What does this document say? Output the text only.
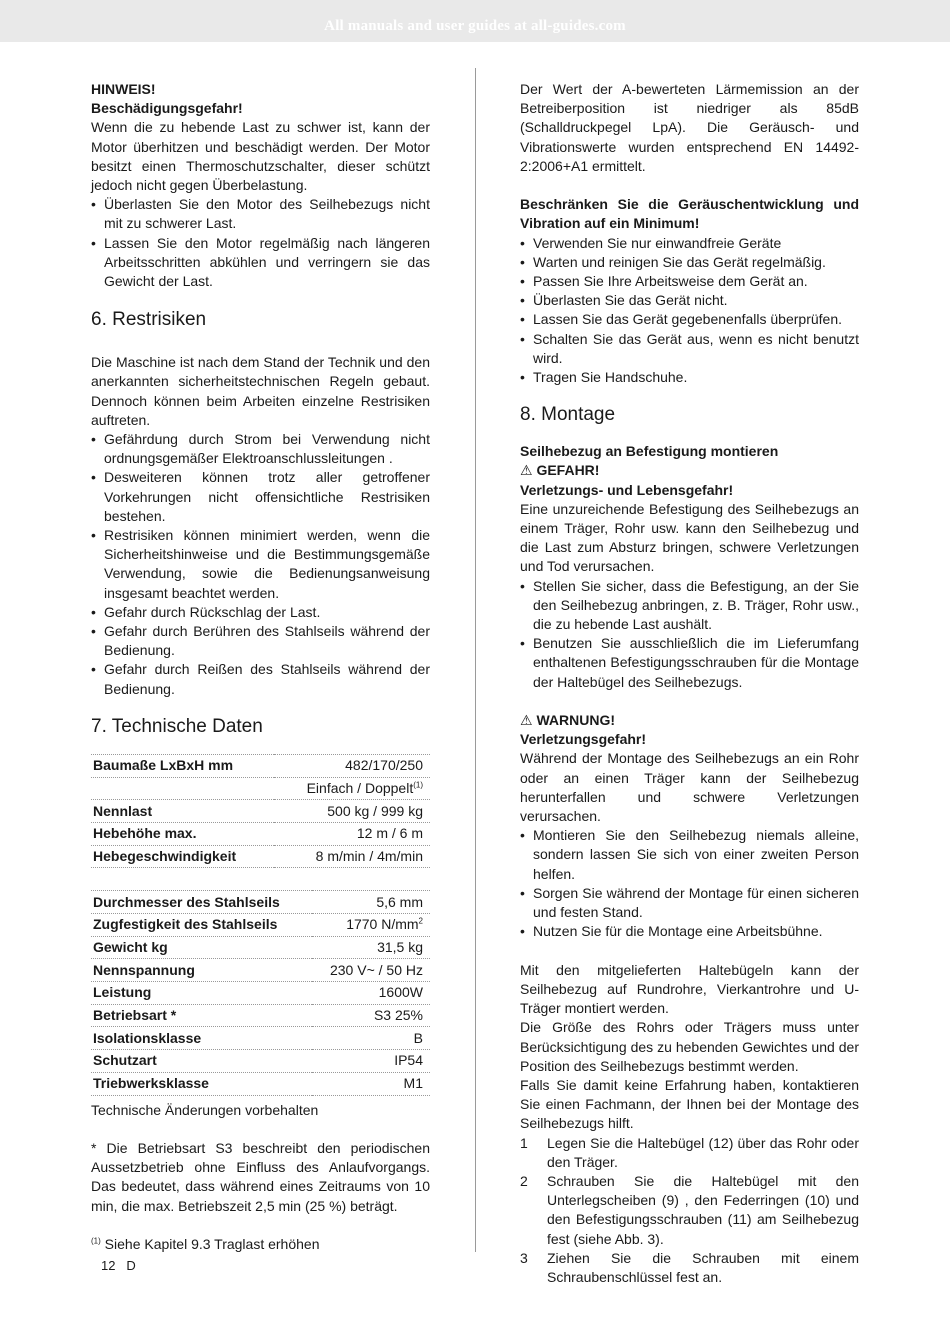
All manuals and user guides at all-guides.com

HINWEIS!

Beschädigungsgefahr!

Wenn die zu hebende Last zu schwer ist, kann der Motor überhitzen und beschädigt werden. Der Motor besitzt einen Thermoschutzschalter, dieser schützt jedoch nicht gegen Überbelastung.

• Überlasten Sie den Motor des Seilhebezugs nicht mit zu schwerer Last.
• Lassen Sie den Motor regelmäßig nach längeren Arbeitsschritten abkühlen und verringern sie das Gewicht der Last.
6. Restrisiken

Die Maschine ist nach dem Stand der Technik und den anerkannten sicherheitstechnischen Regeln gebaut. Dennoch können beim Arbeiten einzelne Restrisiken auftreten.

• Gefährdung durch Strom bei Verwendung nicht ordnungsgemäßer Elektroanschlussleitungen .
• Desweiteren können trotz aller getroffener Vorkehrungen nicht offensichtliche Restrisiken bestehen.
• Restrisiken können minimiert werden, wenn die Sicherheitshinweise und die Bestimmungsgemäße Verwendung, sowie die Bedienungsanweisung insgesamt beachtet werden.
• Gefahr durch Rückschlag der Last.
• Gefahr durch Berühren des Stahlseils während der Bedienung.
• Gefahr durch Reißen des Stahlseils während der Bedienung.
7. Technische Daten
Baumaße LxBxH mm	482/170/250
	Einfach / Doppelt$^{(1)}$
Nennlast	500 kg / 999 kg
Hebehöhe max.	12 m / 6 m
Hebegeschwindigkeit	8 m/min / 4m/min
Durchmesser des Stahlseils	5,6 mm
Zugfestigkeit des Stahlseils	1770 $N/mm^2$
Gewicht kg	31,5 kg
Nennspannung	230 V~ / 50 Hz
Leistung	1600W
Betriebsart *	S3 25%
Isolationsklasse	B
Schutzart	IP54
Triebwerksklasse	M1

Technische Änderungen vorbehalten

* Die Betriebsart S3 beschreibt den periodischen Aussetzbetrieb ohne Einfluss des Anlaufvorgangs. Das bedeutet, dass während eines Zeitraums von 10 min, die max. Betriebszeit 2,5 min (25 %) beträgt.

$^{(1)}$ Siehe Kapitel 9.3 Traglast erhöhen

Der Wert der A-bewerteten Lärmemission an der Betreiberposition ist niedriger als 85dB (Schalldruckpegel LpA). Die Geräusch- und Vibrationswerte wurden entsprechend EN 14492-2:2006+A1 ermittelt.

Beschränken Sie die Geräuschentwicklung und Vibration auf ein Minimum!

• Verwenden Sie nur einwandfreie Geräte
• Warten und reinigen Sie das Gerät regelmäßig.
• Passen Sie Ihre Arbeitsweise dem Gerät an.
• Überlasten Sie das Gerät nicht.
• Lassen Sie das Gerät gegebenenfalls überprüfen.
• Schalten Sie das Gerät aus, wenn es nicht benutzt wird.
• Tragen Sie Handschuhe.
8. Montage

Seilhebezug an Befestigung montieren

⚠ GEFAHR!

Verletzungs- und Lebensgefahr!

Eine unzureichende Befestigung des Seilhebezugs an einem Träger, Rohr usw. kann den Seilhebezug und die Last zum Absturz bringen, schwere Verletzungen und Tod verursachen.

• Stellen Sie sicher, dass die Befestigung, an der Sie den Seilhebezug anbringen, z. B. Träger, Rohr usw., die zu hebende Last aushält.
• Benutzen Sie ausschließlich die im Lieferumfang enthaltenen Befestigungsschrauben für die Montage der Haltebügel des Seilhebezugs.

⚠ WARNUNG!

Verletzungsgefahr!

Während der Montage des Seilhebezugs an ein Rohr oder an einen Träger kann der Seilhebezug herunterfallen und schwere Verletzungen verursachen.

• Montieren Sie den Seilhebezug niemals alleine, sondern lassen Sie sich von einer zweiten Person helfen.
• Sorgen Sie während der Montage für einen sicheren und festen Stand.
• Nutzen Sie für die Montage eine Arbeitsbühne.

Mit den mitgelieferten Haltebügeln kann der Seilhebezug auf Rundrohre, Vierkantrohre und U-Träger montiert werden.

Die Größe des Rohrs oder Trägers muss unter Berücksichtigung des zu hebenden Gewichtes und der Position des Seilhebezugs bestimmt werden.

Falls Sie damit keine Erfahrung haben, kontaktieren Sie einen Fachmann, der Ihnen bei der Montage des Seilhebezugs hilft.

1 Legen Sie die Haltebügel (12) über das Rohr oder den Träger.
2 Schrauben Sie die Haltebügel mit den Unterlegscheiben (9) , den Federringen (10) und den Befestigungsschrauben (11) am Seilhebezug fest (siehe Abb. 3).
3 Ziehen Sie die Schrauben mit einem Schraubenschlüssel fest an.
12 D
